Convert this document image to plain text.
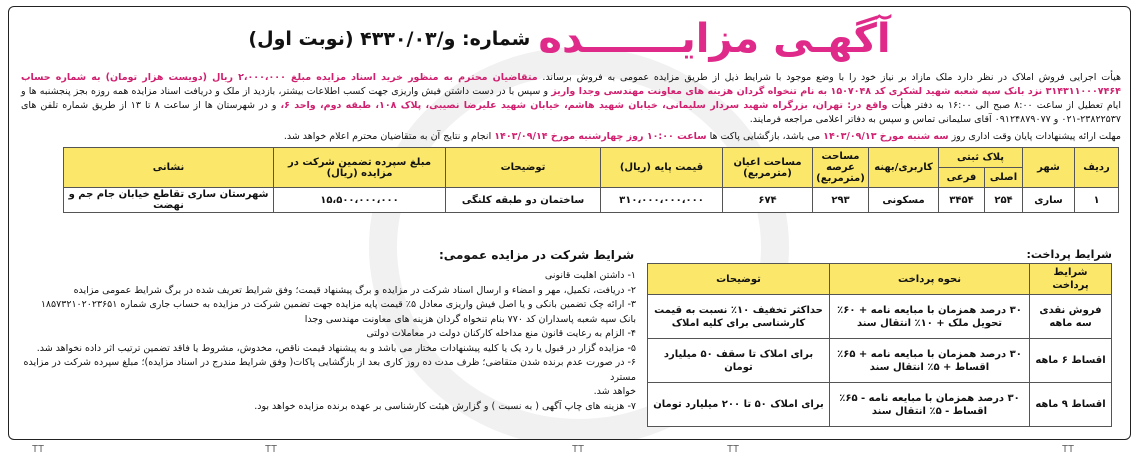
آگهـی مزایـــــــده
شماره: و/۴۳۳۰/۰۳ (نوبت اول)
هیأت اجرایی فروش املاک در نظر دارد ملک مازاد بر نیاز خود را با وضع موجود با شرایط ذیل از طریق مزایده عمومی به فروش برساند. متقاضیان محترم به منظور خرید اسناد مزایده مبلغ ۲،۰۰۰،۰۰۰ ریال (دویست هزار تومان) به شماره حساب ۳۱۴۳۱۱۰۰۰۷۴۶۴ نزد بانک سپه شعبه شهید لشکری کد ۱۵۰۷۰۴۸ به نام تنخواه گردان هزینه های معاونت مهندسی وجدا واریز و سپس با در دست داشتن فیش واریزی جهت کسب اطلاعات بیشتر، بازدید از ملک و دریافت اسناد مزایده همه روزه بجز پنجشنبه ها و ایام تعطیل از ساعت ۸:۰۰ صبح الی ۱۶:۰۰ به دفتر هیأت واقع در: تهران، بزرگراه شهید سردار سلیمانی، خیابان شهید هاشم، خیابان شهید علیرضا نصیبی، پلاک ۱۰۸، طبقه دوم، واحد ۶، و در شهرستان ها از ساعت ۸ تا ۱۳ از طریق شماره تلفن های ۲۳۸۲۲۵۳۷-۰۲۱ و ۰۹۱۲۴۸۷۹۰۷۷ آقای سلیمانی تماس و سپس به دفاتر اعلامی مراجعه فرمایند.
مهلت ارائه پیشنهادات پایان وقت اداری روز سه شنبه مورخ ۱۴۰۳/۰۹/۱۳ می باشد، بازگشایی پاکت ها ساعت ۱۰:۰۰ روز چهارشنبه مورخ ۱۴۰۳/۰۹/۱۴ انجام و نتایج آن به متقاضیان محترم اعلام خواهد شد.
ردیف	شهر	پلاک ثبتی		کاربری/بهنه	مساحت عرصه (مترمربع)	مساحت اعیان (مترمربع)	قیمت پایه (ریال)	توضیحات	مبلغ سپرده تضمین شرکت در مزایده (ریال)	نشانی
		اصلی	فرعی							
۱	ساری	۲۵۴	۳۴۵۴	مسکونی	۲۹۳	۶۷۴	۳۱۰،۰۰۰،۰۰۰،۰۰۰	ساختمان دو طبقه کلنگی	۱۵،۵۰۰،۰۰۰،۰۰۰	شهرستان ساری تقاطع خیابان جام جم و نهضت
شرایط پرداخت:
شرایط پرداخت	نحوه پرداخت	توضیحات
فروش نقدی سه ماهه	۳۰ درصد همزمان با مبایعه نامه + ۶۰٪ تحویل ملک + ۱۰٪ انتقال سند	حداکثر تخفیف ۱۰٪ نسبت به قیمت کارشناسی برای کلیه املاک
اقساط ۶ ماهه	۳۰ درصد همزمان با مبایعه نامه + ۶۵٪ اقساط + ۵٪ انتقال سند	برای املاک تا سقف ۵۰ میلیارد تومان
اقساط ۹ ماهه	۳۰ درصد همزمان با مبایعه نامه - ۶۵٪ اقساط - ۵٪ انتقال سند	برای املاک ۵۰ تا ۲۰۰ میلیارد تومان
شرایط شرکت در مزایده عمومی:
۱- داشتن اهلیت قانونی
۲- دریافت، تکمیل، مهر و امضاء و ارسال اسناد شرکت در مزایده و برگ پیشنهاد قیمت؛ وفق شرایط تعریف شده در برگ شرایط عمومی مزایده
۳- ارائه چک تضمین بانکی و یا اصل فیش واریزی معادل ۵٪ قیمت پایه مزایده جهت تضمین شرکت در مزایده به حساب جاری شماره ۱۸۵۷۳۲۱۰۲۰۲۳۶۵۱
بانک سپه شعبه پاسداران کد ۷۷۰ بنام تنخواه گردان هزینه های معاونت مهندسی وجدا
۴- الزام به رعایت قانون منع مداخله کارکنان دولت در معاملات دولتی
۵- مزایده گزار در قبول یا رد یک یا کلیه پیشنهادات مختار می باشد و به پیشنهاد قیمت ناقص، مخدوش، مشروط یا فاقد تضمین ترتیب اثر داده نخواهد شد.
۶- در صورت عدم برنده شدن متقاضی؛ ظرف مدت ده روز کاری بعد از بازگشایی پاکات( وفق شرایط مندرج در اسناد مزایده)؛ مبلغ سپرده شرکت در مزایده مسترد
خواهد شد.
۷- هزینه های چاپ آگهی ( به نسبت ) و گزارش هیئت کارشناسی بر عهده برنده مزایده خواهد بود.
TT	TT	TT	TT	TT
